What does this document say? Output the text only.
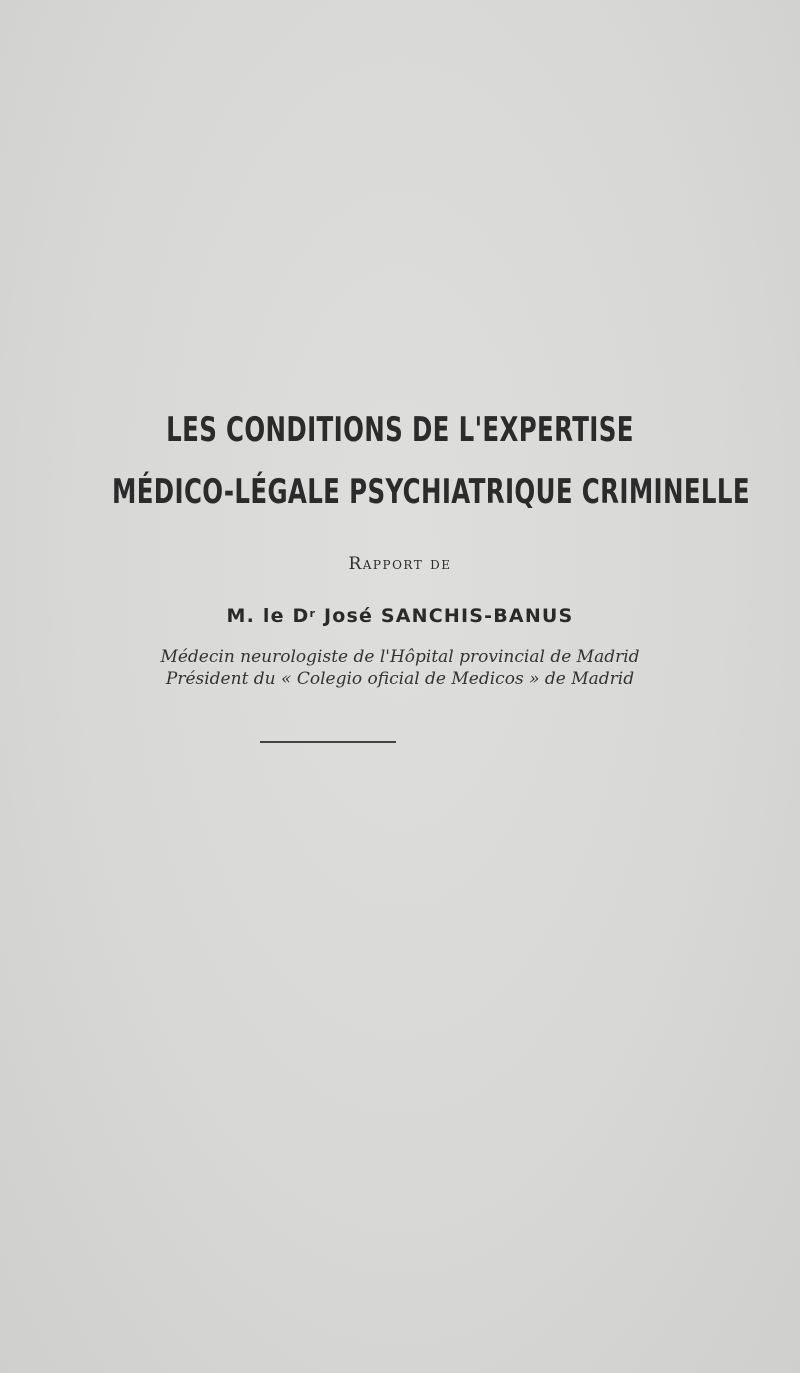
LES CONDITIONS DE L'EXPERTISE
MÉDICO-LÉGALE PSYCHIATRIQUE CRIMINELLE
Rapport de
M. le $D^r$ José SANCHIS-BANUS
Médecin neurologiste de l'Hôpital provincial de Madrid
Président du « Colegio oficial de Medicos » de Madrid
